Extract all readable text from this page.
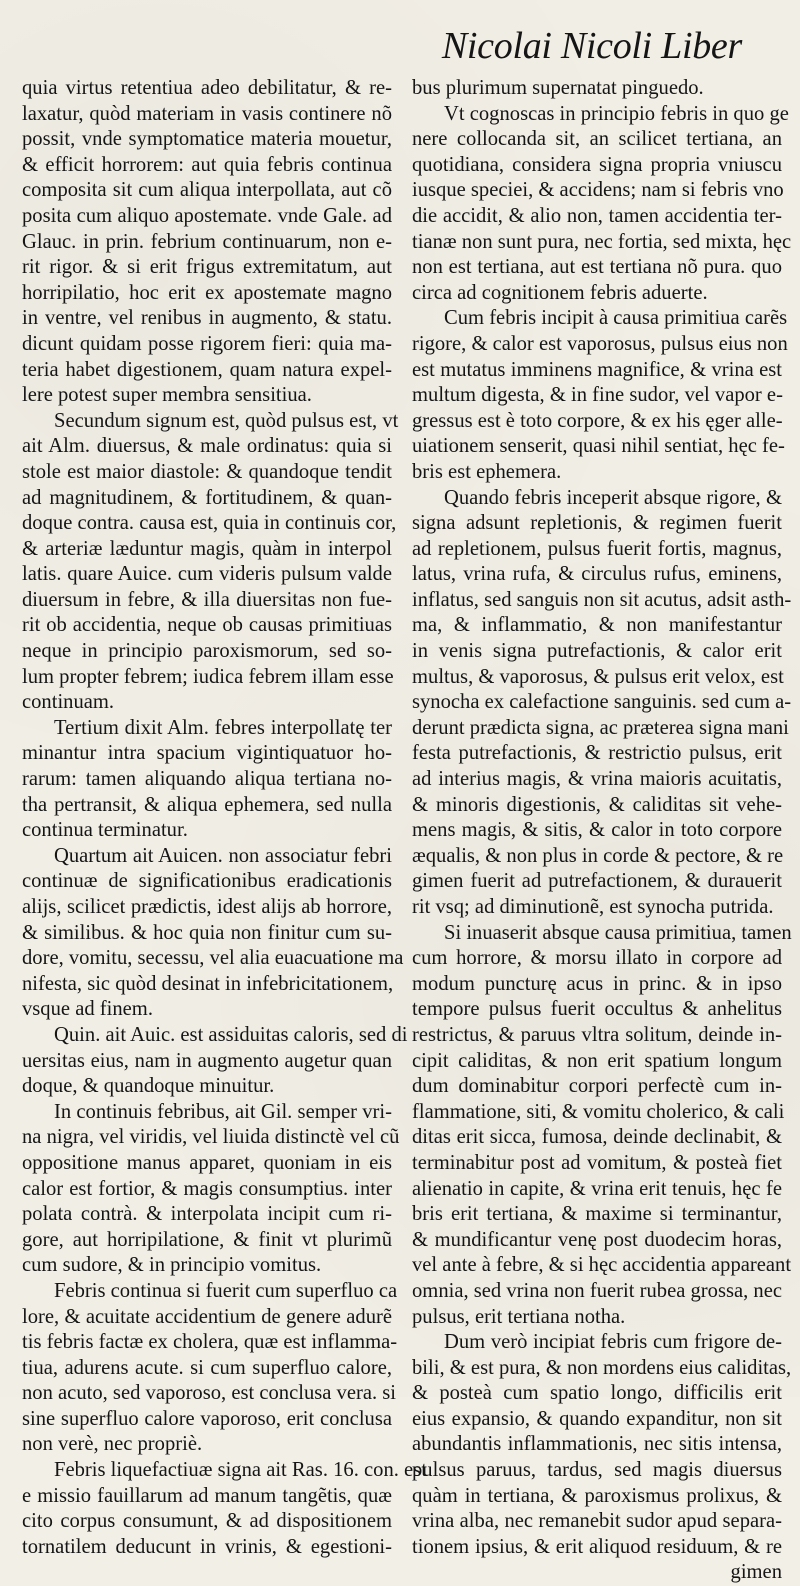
Nicolai Nicoli Liber
quia virtus retentiua adeo debilitatur, & re-
laxatur, quòd materiam in vasis continere nõ
possit, vnde symptomatice materia mouetur,
& efficit horrorem: aut quia febris continua
composita sit cum aliqua interpollata, aut cõ
posita cum aliquo apostemate. vnde Gale. ad
Glauc. in prin. febrium continuarum, non e-
rit rigor. & si erit frigus extremitatum, aut
horripilatio, hoc erit ex apostemate magno
in ventre, vel renibus in augmento, & statu.
dicunt quidam posse rigorem fieri: quia ma-
teria habet digestionem, quam natura expel-
lere potest super membra sensitiua.
Secundum signum est, quòd pulsus est, vt
ait Alm. diuersus, & male ordinatus: quia si
stole est maior diastole: & quandoque tendit
ad magnitudinem, & fortitudinem, & quan-
doque contra. causa est, quia in continuis cor,
& arteriæ læduntur magis, quàm in interpol
latis. quare Auice. cum videris pulsum valde
diuersum in febre, & illa diuersitas non fue-
rit ob accidentia, neque ob causas primitiuas
neque in principio paroxismorum, sed so-
lum propter febrem; iudica febrem illam esse
continuam.
Tertium dixit Alm. febres interpollatę ter
minantur intra spacium vigintiquatuor ho-
rarum: tamen aliquando aliqua tertiana no-
tha pertransit, & aliqua ephemera, sed nulla
continua terminatur.
Quartum ait Auicen. non associatur febri
continuæ de significationibus eradicationis
alijs, scilicet prædictis, idest alijs ab horrore,
& similibus. & hoc quia non finitur cum su-
dore, vomitu, secessu, vel alia euacuatione ma
nifesta, sic quòd desinat in infebricitationem,
vsque ad finem.
Quin. ait Auic. est assiduitas caloris, sed di
uersitas eius, nam in augmento augetur quan
doque, & quandoque minuitur.
In continuis febribus, ait Gil. semper vri-
na nigra, vel viridis, vel liuida distinctè vel cũ
oppositione manus apparet, quoniam in eis
calor est fortior, & magis consumptius. inter
polata contrà. & interpolata incipit cum ri-
gore, aut horripilatione, & finit vt plurimũ
cum sudore, & in principio vomitus.
Febris continua si fuerit cum superfluo ca
lore, & acuitate accidentium de genere adurẽ
tis febris factæ ex cholera, quæ est inflamma-
tiua, adurens acute. si cum superfluo calore,
non acuto, sed vaporoso, est conclusa vera. si
sine superfluo calore vaporoso, erit conclusa
non verè, nec propriè.
Febris liquefactiuæ signa ait Ras. 16. con. est
e missio fauillarum ad manum tangẽtis, quæ
cito corpus consumunt, & ad dispositionem
tornatilem deducunt in vrinis, & egestioni-
bus plurimum supernatat pinguedo.
Vt cognoscas in principio febris in quo ge
nere collocanda sit, an scilicet tertiana, an
quotidiana, considera signa propria vniuscu
iusque speciei, & accidens; nam si febris vno
die accidit, & alio non, tamen accidentia ter-
tianæ non sunt pura, nec fortia, sed mixta, hęc
non est tertiana, aut est tertiana nõ pura. quo
circa ad cognitionem febris aduerte.
Cum febris incipit à causa primitiua carẽs
rigore, & calor est vaporosus, pulsus eius non
est mutatus imminens magnifice, & vrina est
multum digesta, & in fine sudor, vel vapor e-
gressus est è toto corpore, & ex his ęger alle-
uiationem senserit, quasi nihil sentiat, hęc fe-
bris est ephemera.
Quando febris inceperit absque rigore, &
signa adsunt repletionis, & regimen fuerit
ad repletionem, pulsus fuerit fortis, magnus,
latus, vrina rufa, & circulus rufus, eminens,
inflatus, sed sanguis non sit acutus, adsit asth-
ma, & inflammatio, & non manifestantur
in venis signa putrefactionis, & calor erit
multus, & vaporosus, & pulsus erit velox, est
synocha ex calefactione sanguinis. sed cum a-
derunt prædicta signa, ac præterea signa mani
festa putrefactionis, & restrictio pulsus, erit
ad interius magis, & vrina maioris acuitatis,
& minoris digestionis, & caliditas sit vehe-
mens magis, & sitis, & calor in toto corpore
æqualis, & non plus in corde & pectore, & re
gimen fuerit ad putrefactionem, & durauerit
rit vsq; ad diminutionẽ, est synocha putrida.
Si inuaserit absque causa primitiua, tamen
cum horrore, & morsu illato in corpore ad
modum puncturę acus in princ. & in ipso
tempore pulsus fuerit occultus & anhelitus
restrictus, & paruus vltra solitum, deinde in-
cipit caliditas, & non erit spatium longum
dum dominabitur corpori perfectè cum in-
flammatione, siti, & vomitu cholerico, & cali
ditas erit sicca, fumosa, deinde declinabit, &
terminabitur post ad vomitum, & posteà fiet
alienatio in capite, & vrina erit tenuis, hęc fe
bris erit tertiana, & maxime si terminantur,
& mundificantur venę post duodecim horas,
vel ante à febre, & si hęc accidentia appareant
omnia, sed vrina non fuerit rubea grossa, nec
pulsus, erit tertiana notha.
Dum verò incipiat febris cum frigore de-
bili, & est pura, & non mordens eius caliditas,
& posteà cum spatio longo, difficilis erit
eius expansio, & quando expanditur, non sit
abundantis inflammationis, nec sitis intensa,
pulsus paruus, tardus, sed magis diuersus
quàm in tertiana, & paroxismus prolixus, &
vrina alba, nec remanebit sudor apud separa-
tionem ipsius, & erit aliquod residuum, & re
gimen
